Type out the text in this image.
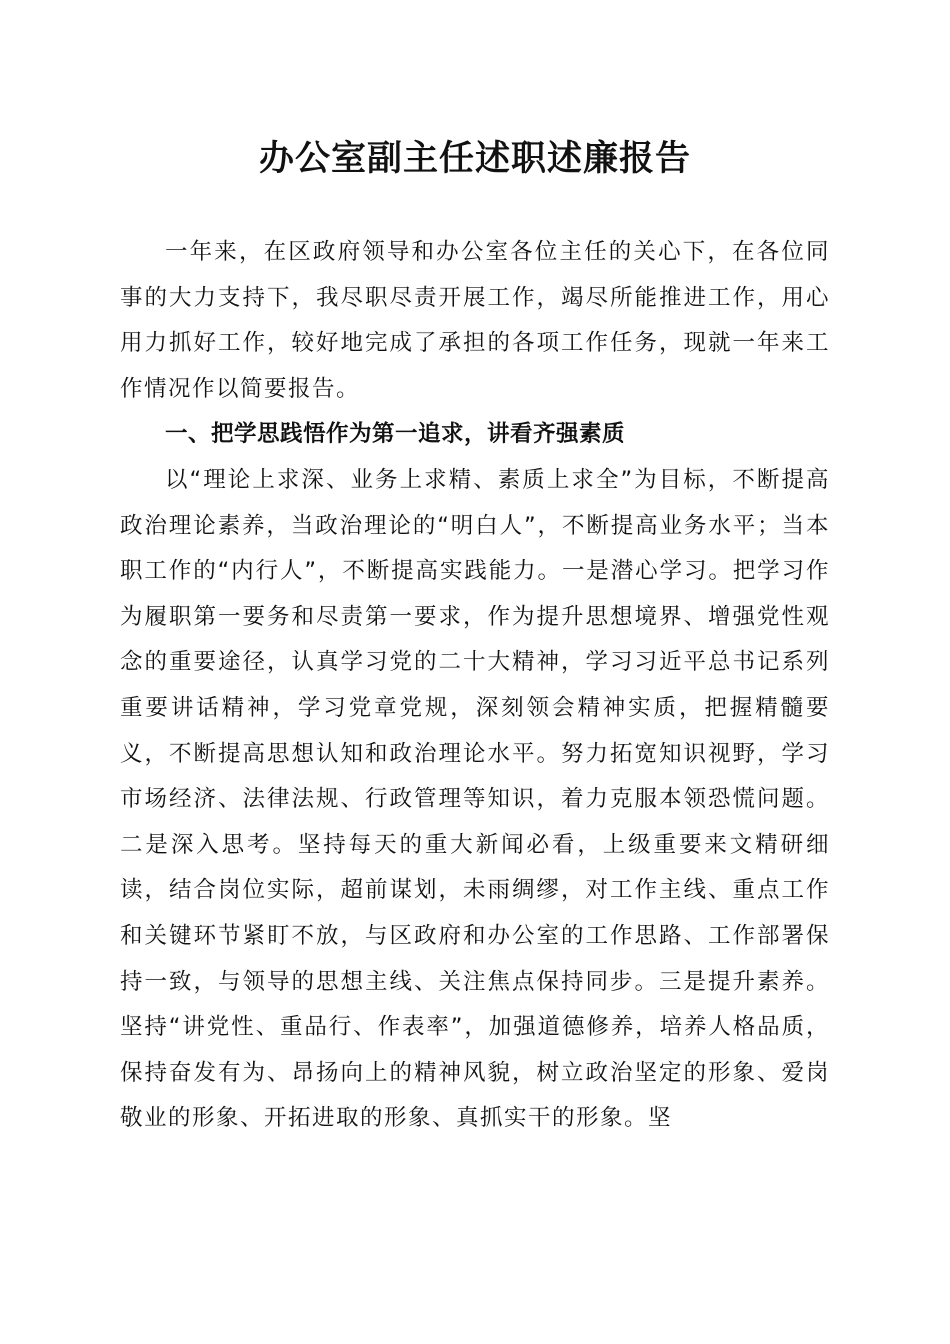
办公室副主任述职述廉报告

一年来，在区政府领导和办公室各位主任的关心下，在各位同事的大力支持下，我尽职尽责开展工作，竭尽所能推进工作，用心用力抓好工作，较好地完成了承担的各项工作任务，现就一年来工作情况作以简要报告。

一、把学思践悟作为第一追求，讲看齐强素质

以“理论上求深、业务上求精、素质上求全”为目标，不断提高政治理论素养，当政治理论的“明白人”，不断提高业务水平；当本职工作的“内行人”，不断提高实践能力。一是潜心学习。把学习作为履职第一要务和尽责第一要求，作为提升思想境界、增强党性观念的重要途径，认真学习党的二十大精神，学习习近平总书记系列重要讲话精神，学习党章党规，深刻领会精神实质，把握精髓要义，不断提高思想认知和政治理论水平。努力拓宽知识视野，学习市场经济、法律法规、行政管理等知识，着力克服本领恐慌问题。二是深入思考。坚持每天的重大新闻必看，上级重要来文精研细读，结合岗位实际，超前谋划，未雨绸缪，对工作主线、重点工作和关键环节紧盯不放，与区政府和办公室的工作思路、工作部署保持一致，与领导的思想主线、关注焦点保持同步。三是提升素养。坚持“讲党性、重品行、作表率”，加强道德修养，培养人格品质，保持奋发有为、昂扬向上的精神风貌，树立政治坚定的形象、爱岗敬业的形象、开拓进取的形象、真抓实干的形象。坚
